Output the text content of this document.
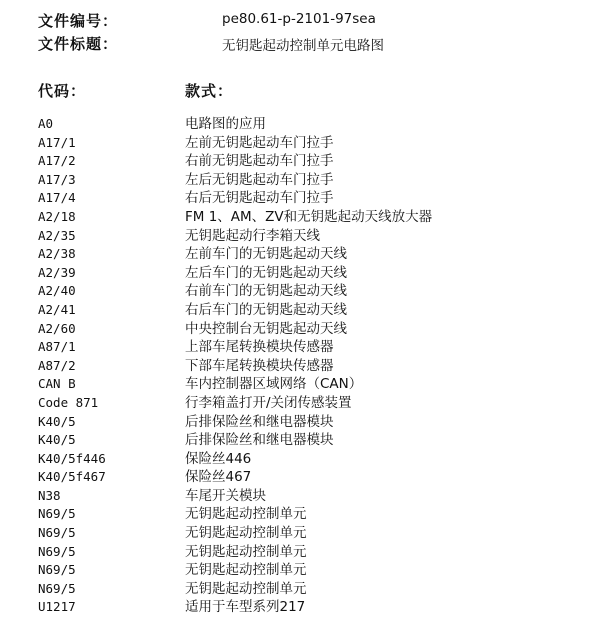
文件编号：	pe80.61-p-2101-97sea
文件标题：	无钥匙起动控制单元电路图
代码：	款式：
A0	电路图的应用
A17/1	左前无钥匙起动车门拉手
A17/2	右前无钥匙起动车门拉手
A17/3	左后无钥匙起动车门拉手
A17/4	右后无钥匙起动车门拉手
A2/18	FM 1、AM、ZV和无钥匙起动天线放大器
A2/35	无钥匙起动行李箱天线
A2/38	左前车门的无钥匙起动天线
A2/39	左后车门的无钥匙起动天线
A2/40	右前车门的无钥匙起动天线
A2/41	右后车门的无钥匙起动天线
A2/60	中央控制台无钥匙起动天线
A87/1	上部车尾转换模块传感器
A87/2	下部车尾转换模块传感器
CAN B	车内控制器区域网络（CAN）
Code 871	行李箱盖打开/关闭传感装置
K40/5	后排保险丝和继电器模块
K40/5	后排保险丝和继电器模块
K40/5f446	保险丝446
K40/5f467	保险丝467
N38	车尾开关模块
N69/5	无钥匙起动控制单元
N69/5	无钥匙起动控制单元
N69/5	无钥匙起动控制单元
N69/5	无钥匙起动控制单元
N69/5	无钥匙起动控制单元
U1217	适用于车型系列217
